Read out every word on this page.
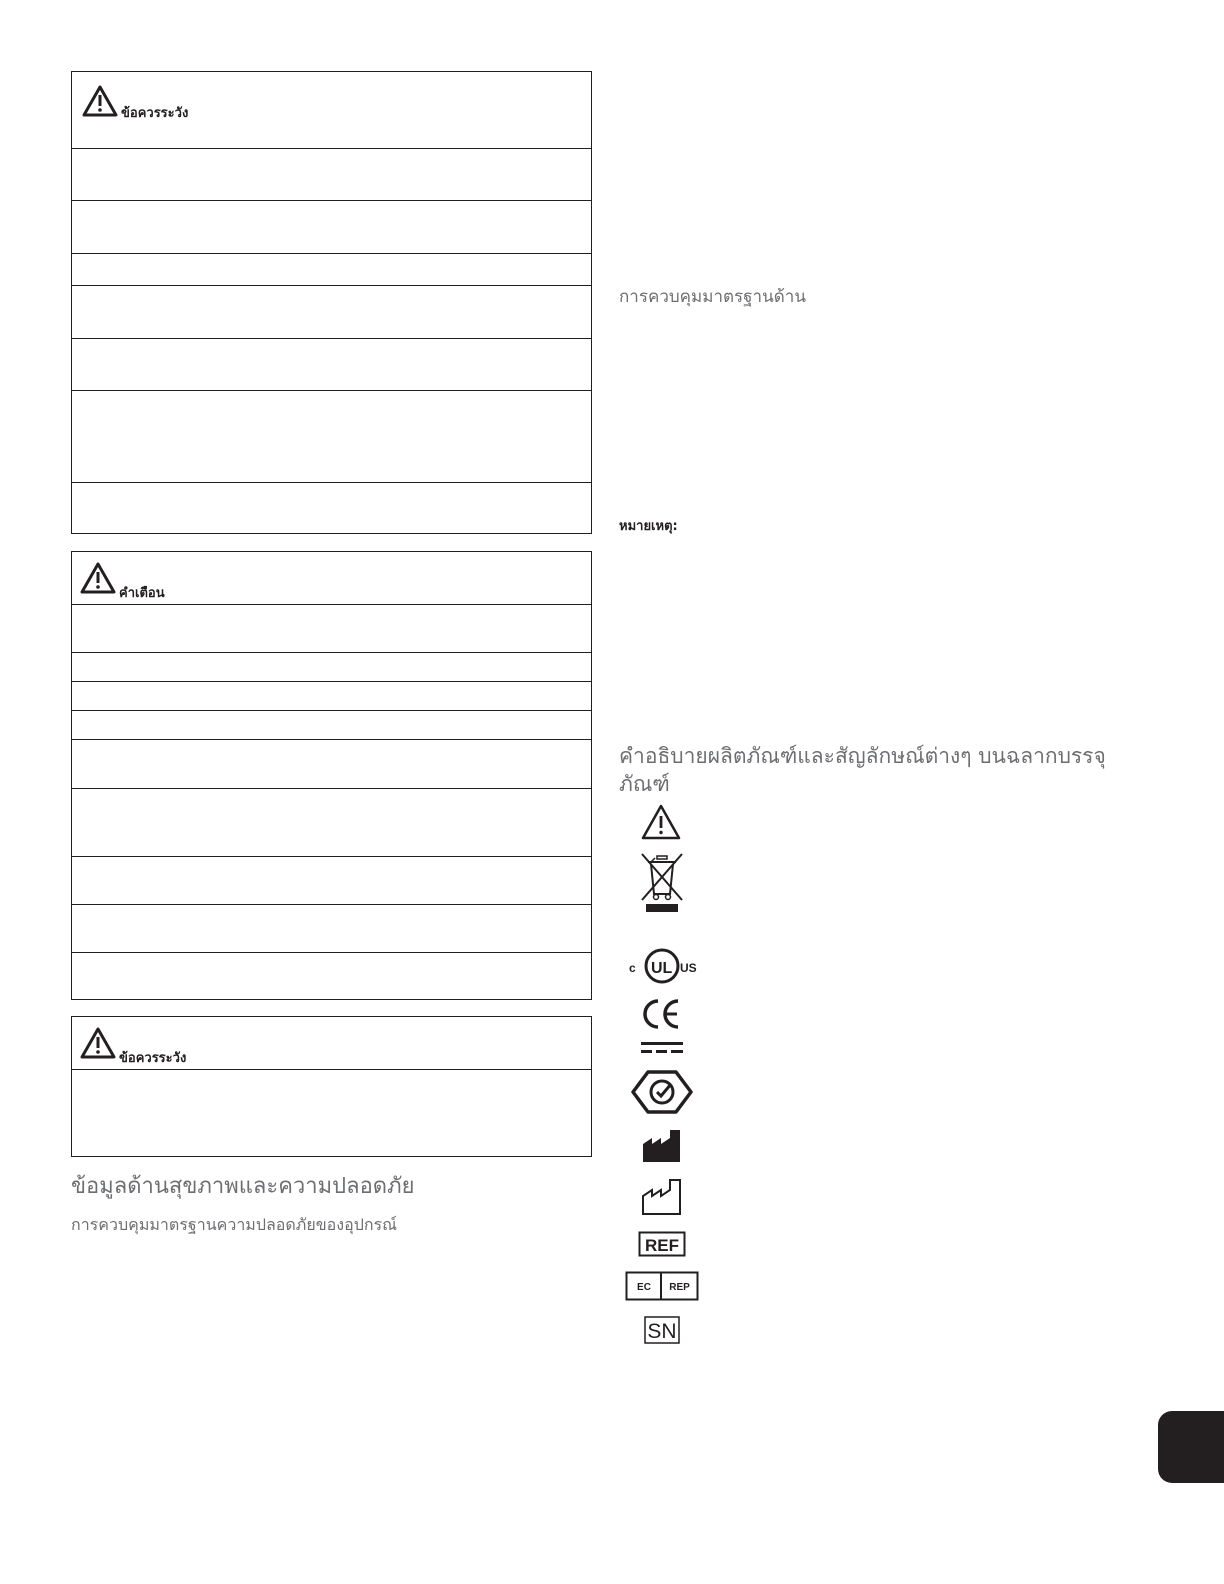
ข้อควรระวัง
คำเตือน
ข้อควรระวัง
ข้อมูลด้านสุขภาพและความปลอดภัย
การควบคุมมาตรฐานความปลอดภัยของอุปกรณ์
การควบคุมมาตรฐานด้าน
หมายเหตุ:
คำอธิบายผลิตภัณฑ์และสัญลักษณ์ต่างๆ บนฉลากบรรจุภัณฑ์
c UL US
REF
EC REP
SN
